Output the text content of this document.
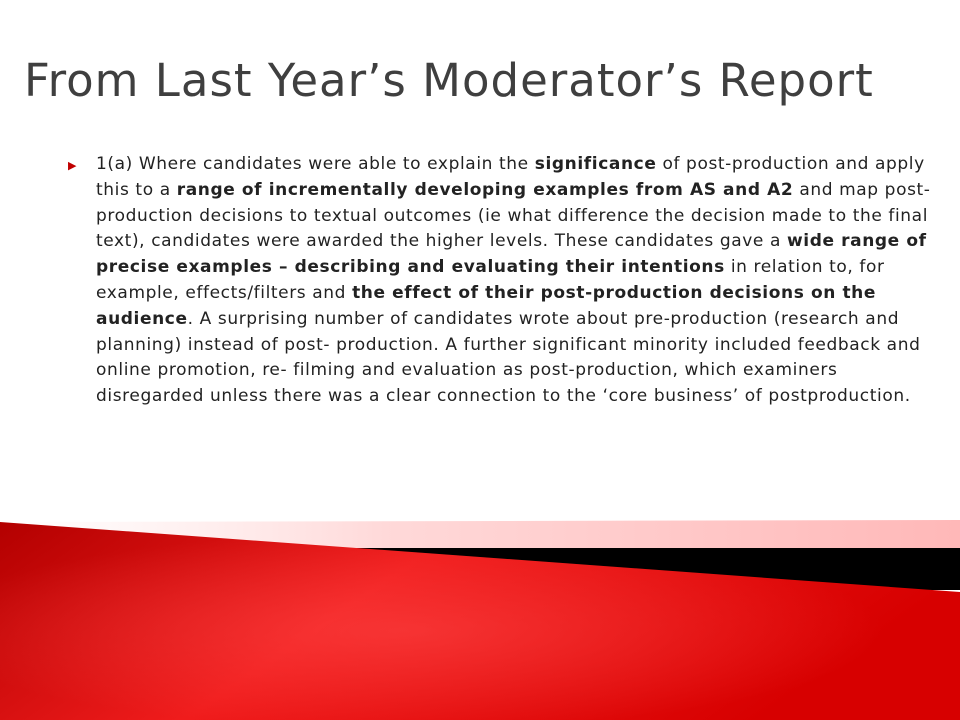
From Last Year’s Moderator’s Report
▶ 1(a) Where candidates were able to explain the significance of post-production and apply this to a range of incrementally developing examples from AS and A2 and map post- production decisions to textual outcomes (ie what difference the decision made to the final text), candidates were awarded the higher levels. These candidates gave a wide range of precise examples – describing and evaluating their intentions in relation to, for example, effects/filters and the effect of their post-production decisions on the audience. A surprising number of candidates wrote about pre-production (research and planning) instead of post- production. A further significant minority included feedback and online promotion, re- filming and evaluation as post-production, which examiners disregarded unless there was a clear connection to the ‘core business’ of postproduction.
